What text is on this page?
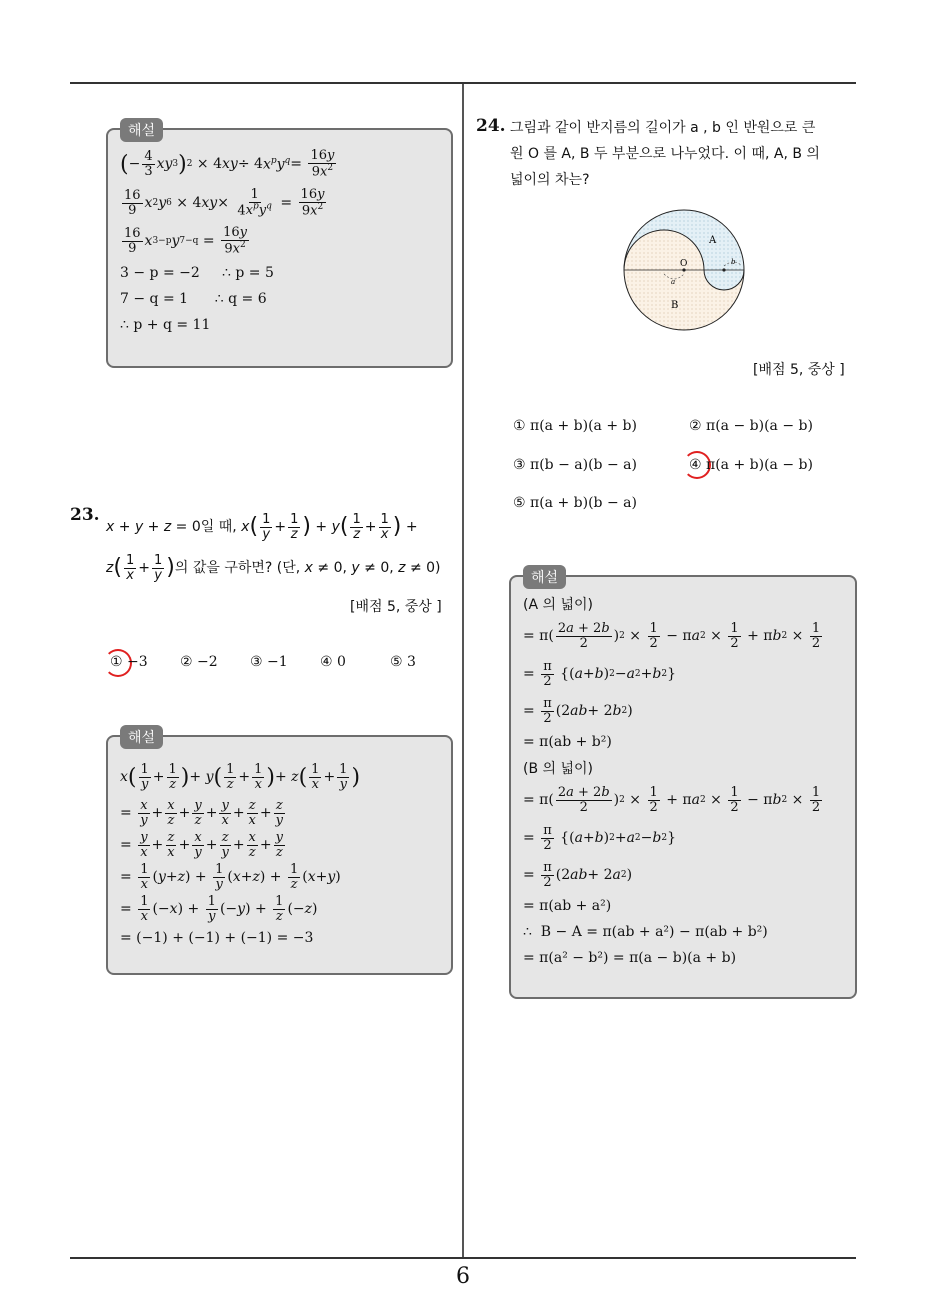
6
해설
( − $\frac{4}{3}$ xy 3 ) 2 × 4 xy ÷ 4 $x^py^q = \frac{16y}{9x^2}$
$\frac{16}{9}$ x 2 y 6 × 4 xy × $\frac{1}{4x^py^q} = \frac{16y}{9x^2}$
$\frac{16}{9}$ x 3−p y $7-q = \frac{16y}{9x^2}$
3 − p = −2     ∴ p = 5
7 − q = 1      ∴ q = 6
∴ p + q = 11
23.
x + y + z = 0일 때, x ( $\frac{1}{y} + \frac{1}{z}$ ) + y ( $\frac{1}{z} + \frac{1}{x}$ ) +
z ( $\frac{1}{x} + \frac{1}{y}$ ) 의 값을 구하면? (단, x ≠ 0, y ≠ 0, z ≠ 0)
[배점 5, 중상 ]
① −3 ② −2 ③ −1 ④ 0	⑤ 3
해설
x ( $\frac{1}{y} + \frac{1}{z}$ ) + y ( $\frac{1}{z} + \frac{1}{x}$ ) + z ( $\frac{1}{x} + \frac{1}{y}$ )
= $\frac{x}{y} + \frac{x}{z} + \frac{y}{z} + \frac{y}{x} + \frac{z}{x} + \frac{z}{y}$
= $\frac{y}{x} + \frac{z}{x} + \frac{x}{y} + \frac{z}{y} + \frac{x}{z} + \frac{y}{z}$
= $\frac{1}{x}$ ( y + z ) + $\frac{1}{y}$ ( x + z ) + $\frac{1}{z}$ ( x + y )
= $\frac{1}{x}$ (− x ) + $\frac{1}{y}$ (− y ) + $\frac{1}{z}$ (− z )
= (−1) + (−1) + (−1) = −3
24. 그림과 같이 반지름의 길이가 a , b 인 반원으로 큰
원 O 를 A, B 두 부분으로 나누었다. 이 때, A, B 의
넓이의 차는?
A
B
O
a
b
[배점 5, 중상 ]
① π(a + b)(a + b)	② π(a − b)(a − b)
③ π(b − a)(b − a)	④ π(a + b)(a − b)
⑤ π(a + b)(b − a)
해설
(A 의 넓이)
= $\pi( \frac{2a + 2b}{2}$ ) $2 \times \frac{1}{2} - \pi$ a $2 \times \frac{1}{2} + \pi$ b $2 \times \frac{1}{2}$
= $\frac{\pi}{2}$ {( a + b ) 2 − a 2 + b 2 }
= $\frac{\pi}{2} (2$ ab + 2 b 2 )
= π(ab + b²)
(B 의 넓이)
= $\pi( \frac{2a + 2b}{2}$ ) $2 \times \frac{1}{2} + \pi$ a $2 \times \frac{1}{2} - \pi$ b $2 \times \frac{1}{2}$
= $\frac{\pi}{2}$ {( a + b ) 2 + a 2 − b 2 }
= $\frac{\pi}{2} (2$ ab + 2 a 2 )
= π(ab + a²)
∴  B − A = π(ab + a²) − π(ab + b²)
= π(a² − b²) = π(a − b)(a + b)
